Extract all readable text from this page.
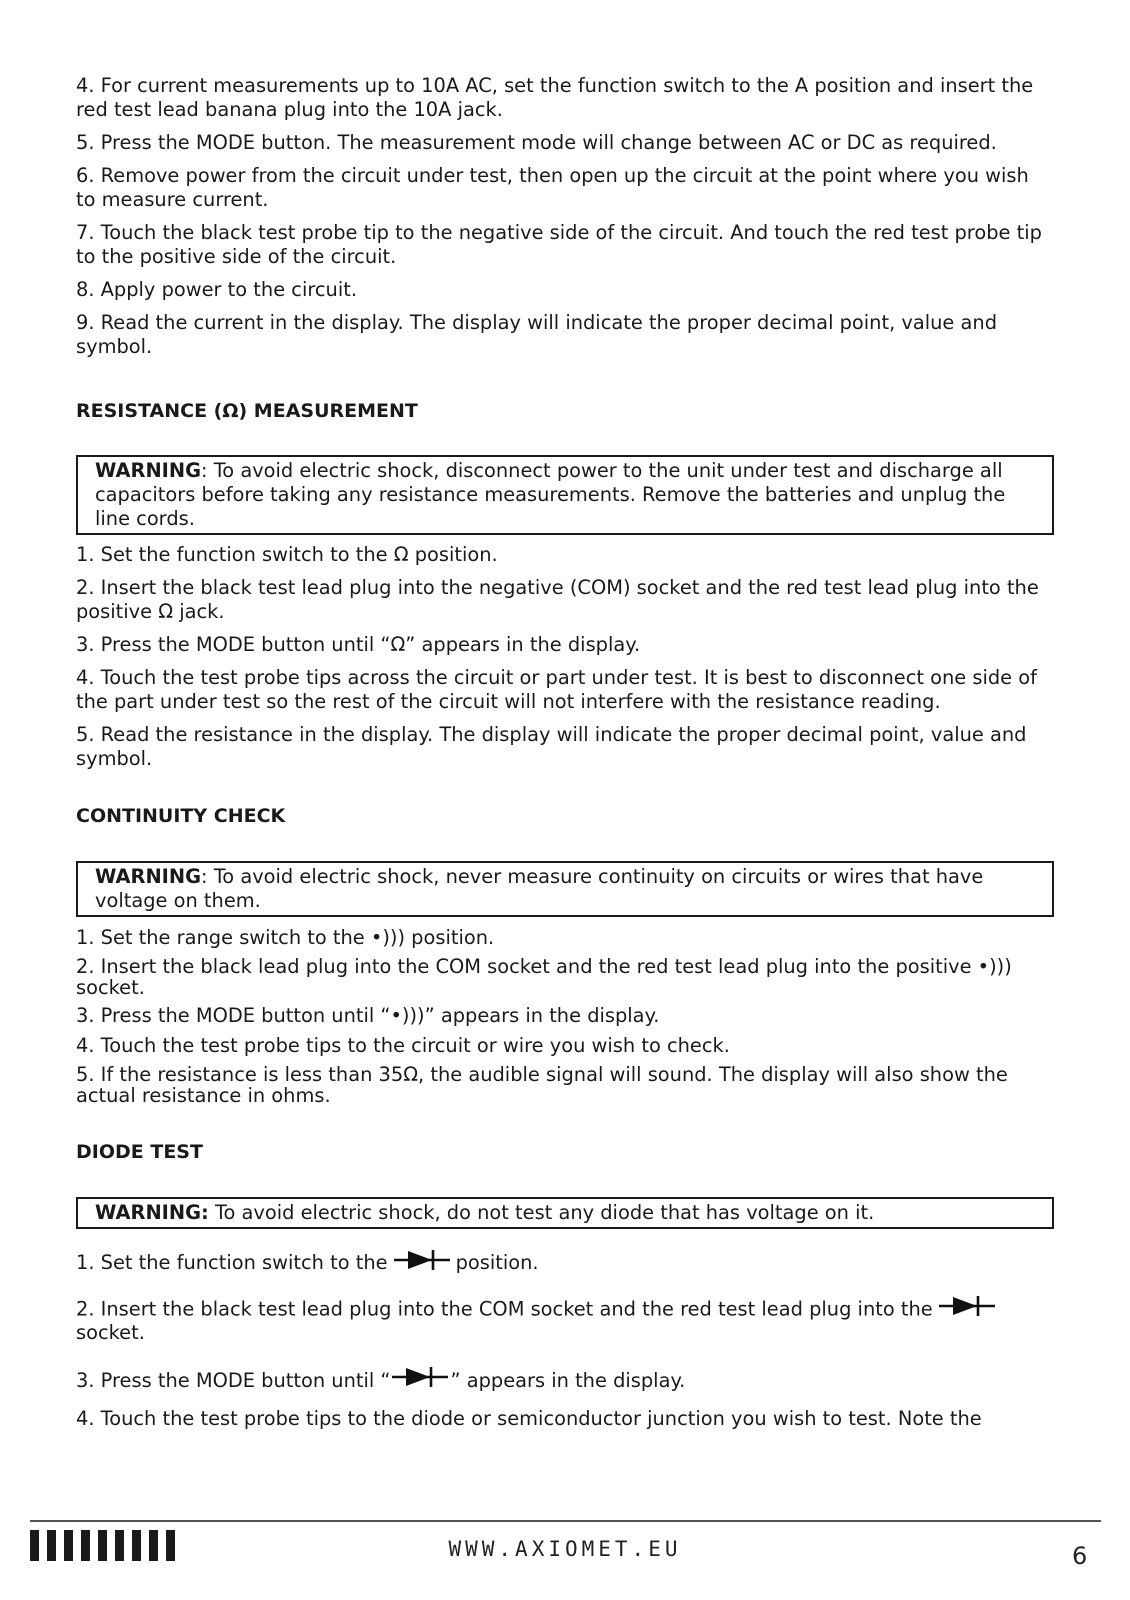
4. For current measurements up to 10A AC, set the function switch to the A position and insert the red test lead banana plug into the 10A jack.

5. Press the MODE button. The measurement mode will change between AC or DC as required.

6. Remove power from the circuit under test, then open up the circuit at the point where you wish to measure current.

7. Touch the black test probe tip to the negative side of the circuit. And touch the red test probe tip to the positive side of the circuit.

8. Apply power to the circuit.

9. Read the current in the display. The display will indicate the proper decimal point, value and symbol.

RESISTANCE (Ω) MEASUREMENT

WARNING: To avoid electric shock, disconnect power to the unit under test and discharge all capacitors before taking any resistance measurements. Remove the batteries and unplug the line cords.

1. Set the function switch to the Ω position.

2. Insert the black test lead plug into the negative (COM) socket and the red test lead plug into the positive Ω jack.

3. Press the MODE button until “Ω” appears in the display.

4. Touch the test probe tips across the circuit or part under test. It is best to disconnect one side of the part under test so the rest of the circuit will not interfere with the resistance reading.

5. Read the resistance in the display. The display will indicate the proper decimal point, value and symbol.

CONTINUITY CHECK

WARNING: To avoid electric shock, never measure continuity on circuits or wires that have voltage on them.

1. Set the range switch to the •))) position.

2. Insert the black lead plug into the COM socket and the red test lead plug into the positive •))) socket.

3. Press the MODE button until “•)))” appears in the display.

4. Touch the test probe tips to the circuit or wire you wish to check.

5. If the resistance is less than 35Ω, the audible signal will sound. The display will also show the actual resistance in ohms.

DIODE TEST

WARNING: To avoid electric shock, do not test any diode that has voltage on it.

1. Set the function switch to the	position.

2. Insert the black test lead plug into the COM socket and the red test lead plug into the
socket.

3. Press the MODE button until “	” appears in the display.

4. Touch the test probe tips to the diode or semiconductor junction you wish to test. Note the

WWW.AXIOMET.EU	6
